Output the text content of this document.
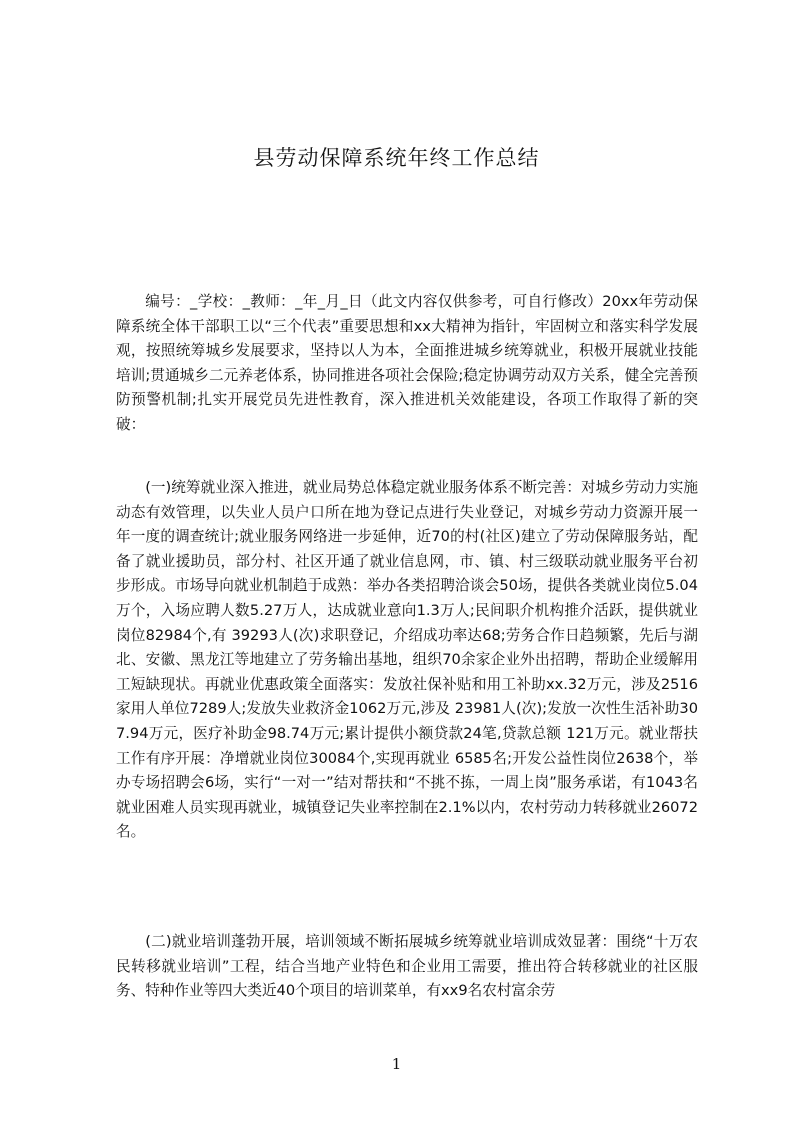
县劳动保障系统年终工作总结

编号：_学校：_教师：_年_月_日（此文内容仅供参考，可自行修改）20xx年劳动保障系统全体干部职工以“三个代表”重要思想和xx大精神为指针，牢固树立和落实科学发展观，按照统筹城乡发展要求，坚持以人为本，全面推进城乡统筹就业，积极开展就业技能培训;贯通城乡二元养老体系，协同推进各项社会保险;稳定协调劳动双方关系，健全完善预防预警机制;扎实开展党员先进性教育，深入推进机关效能建设，各项工作取得了新的突破：

(一)统筹就业深入推进，就业局势总体稳定就业服务体系不断完善：对城乡劳动力实施动态有效管理，以失业人员户口所在地为登记点进行失业登记，对城乡劳动力资源开展一年一度的调查统计;就业服务网络进一步延伸，近70的村(社区)建立了劳动保障服务站，配备了就业援助员，部分村、社区开通了就业信息网，市、镇、村三级联动就业服务平台初步形成。市场导向就业机制趋于成熟：举办各类招聘洽谈会50场，提供各类就业岗位5.04万个，入场应聘人数5.27万人，达成就业意向1.3万人;民间职介机构推介活跃，提供就业岗位82984个,有 39293人(次)求职登记，介绍成功率达68;劳务合作日趋频繁，先后与湖北、安徽、黑龙江等地建立了劳务输出基地，组织70余家企业外出招聘，帮助企业缓解用工短缺现状。再就业优惠政策全面落实：发放社保补贴和用工补助xx.32万元，涉及2516家用人单位7289人;发放失业救济金1062万元,涉及 23981人(次);发放一次性生活补助307.94万元，医疗补助金98.74万元;累计提供小额贷款24笔,贷款总额 121万元。就业帮扶工作有序开展：净增就业岗位30084个,实现再就业 6585名;开发公益性岗位2638个，举办专场招聘会6场，实行“一对一”结对帮扶和“不挑不拣，一周上岗”服务承诺，有1043名就业困难人员实现再就业，城镇登记失业率控制在2.1%以内，农村劳动力转移就业26072名。

(二)就业培训蓬勃开展，培训领域不断拓展城乡统筹就业培训成效显著：围绕“十万农民转移就业培训”工程，结合当地产业特色和企业用工需要，推出符合转移就业的社区服务、特种作业等四大类近40个项目的培训菜单，有xx9名农村富余劳

1
